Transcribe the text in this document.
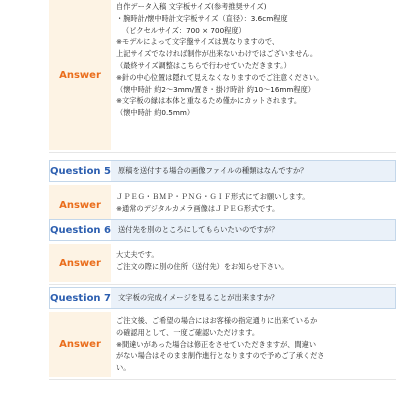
Answer
自作データ入稿 文字板サイズ(参考推奨サイズ)
・腕時計/懐中時計文字板サイズ（直径）：3.6cm程度
（ピクセルサイズ：700 × 700程度）
※モデルによって文字盤サイズは異なりますので、
上記サイズでなければ制作が出来ないわけではございません。
（最終サイズ調整はこちらで行わせていただきます。）
※針の中心位置は隠れて見えなくなりますのでご注意ください。
（懐中時計 約2〜3mm/置き・掛け時計 約10〜16mm程度）
※文字板の縁は本体と重なるため僅かにカットされます。
（懐中時計 約0.5mm）
Question 5 原稿を送付する場合の画像ファイルの種類はなんですか？
Answer
ＪＰＥＧ・ＢＭＰ・ＰＮＧ・ＧＩＦ形式にてお願いします。
※通常のデジタルカメラ画像はＪＰＥＧ形式です。
Question 6 送付先を別のところにしてもらいたいのですが？
Answer
大丈夫です。
ご注文の際に別の住所（送付先）をお知らせ下さい。
Question 7 文字板の完成イメージを見ることが出来ますか？
Answer
ご注文後、ご希望の場合にはお客様の指定通りに出来ているか
の確認用として、一度ご確認いただけます。
※間違いがあった場合は修正をさせていただきますが、間違い
がない場合はそのまま制作進行となりますので予めご了承くださ
い。
